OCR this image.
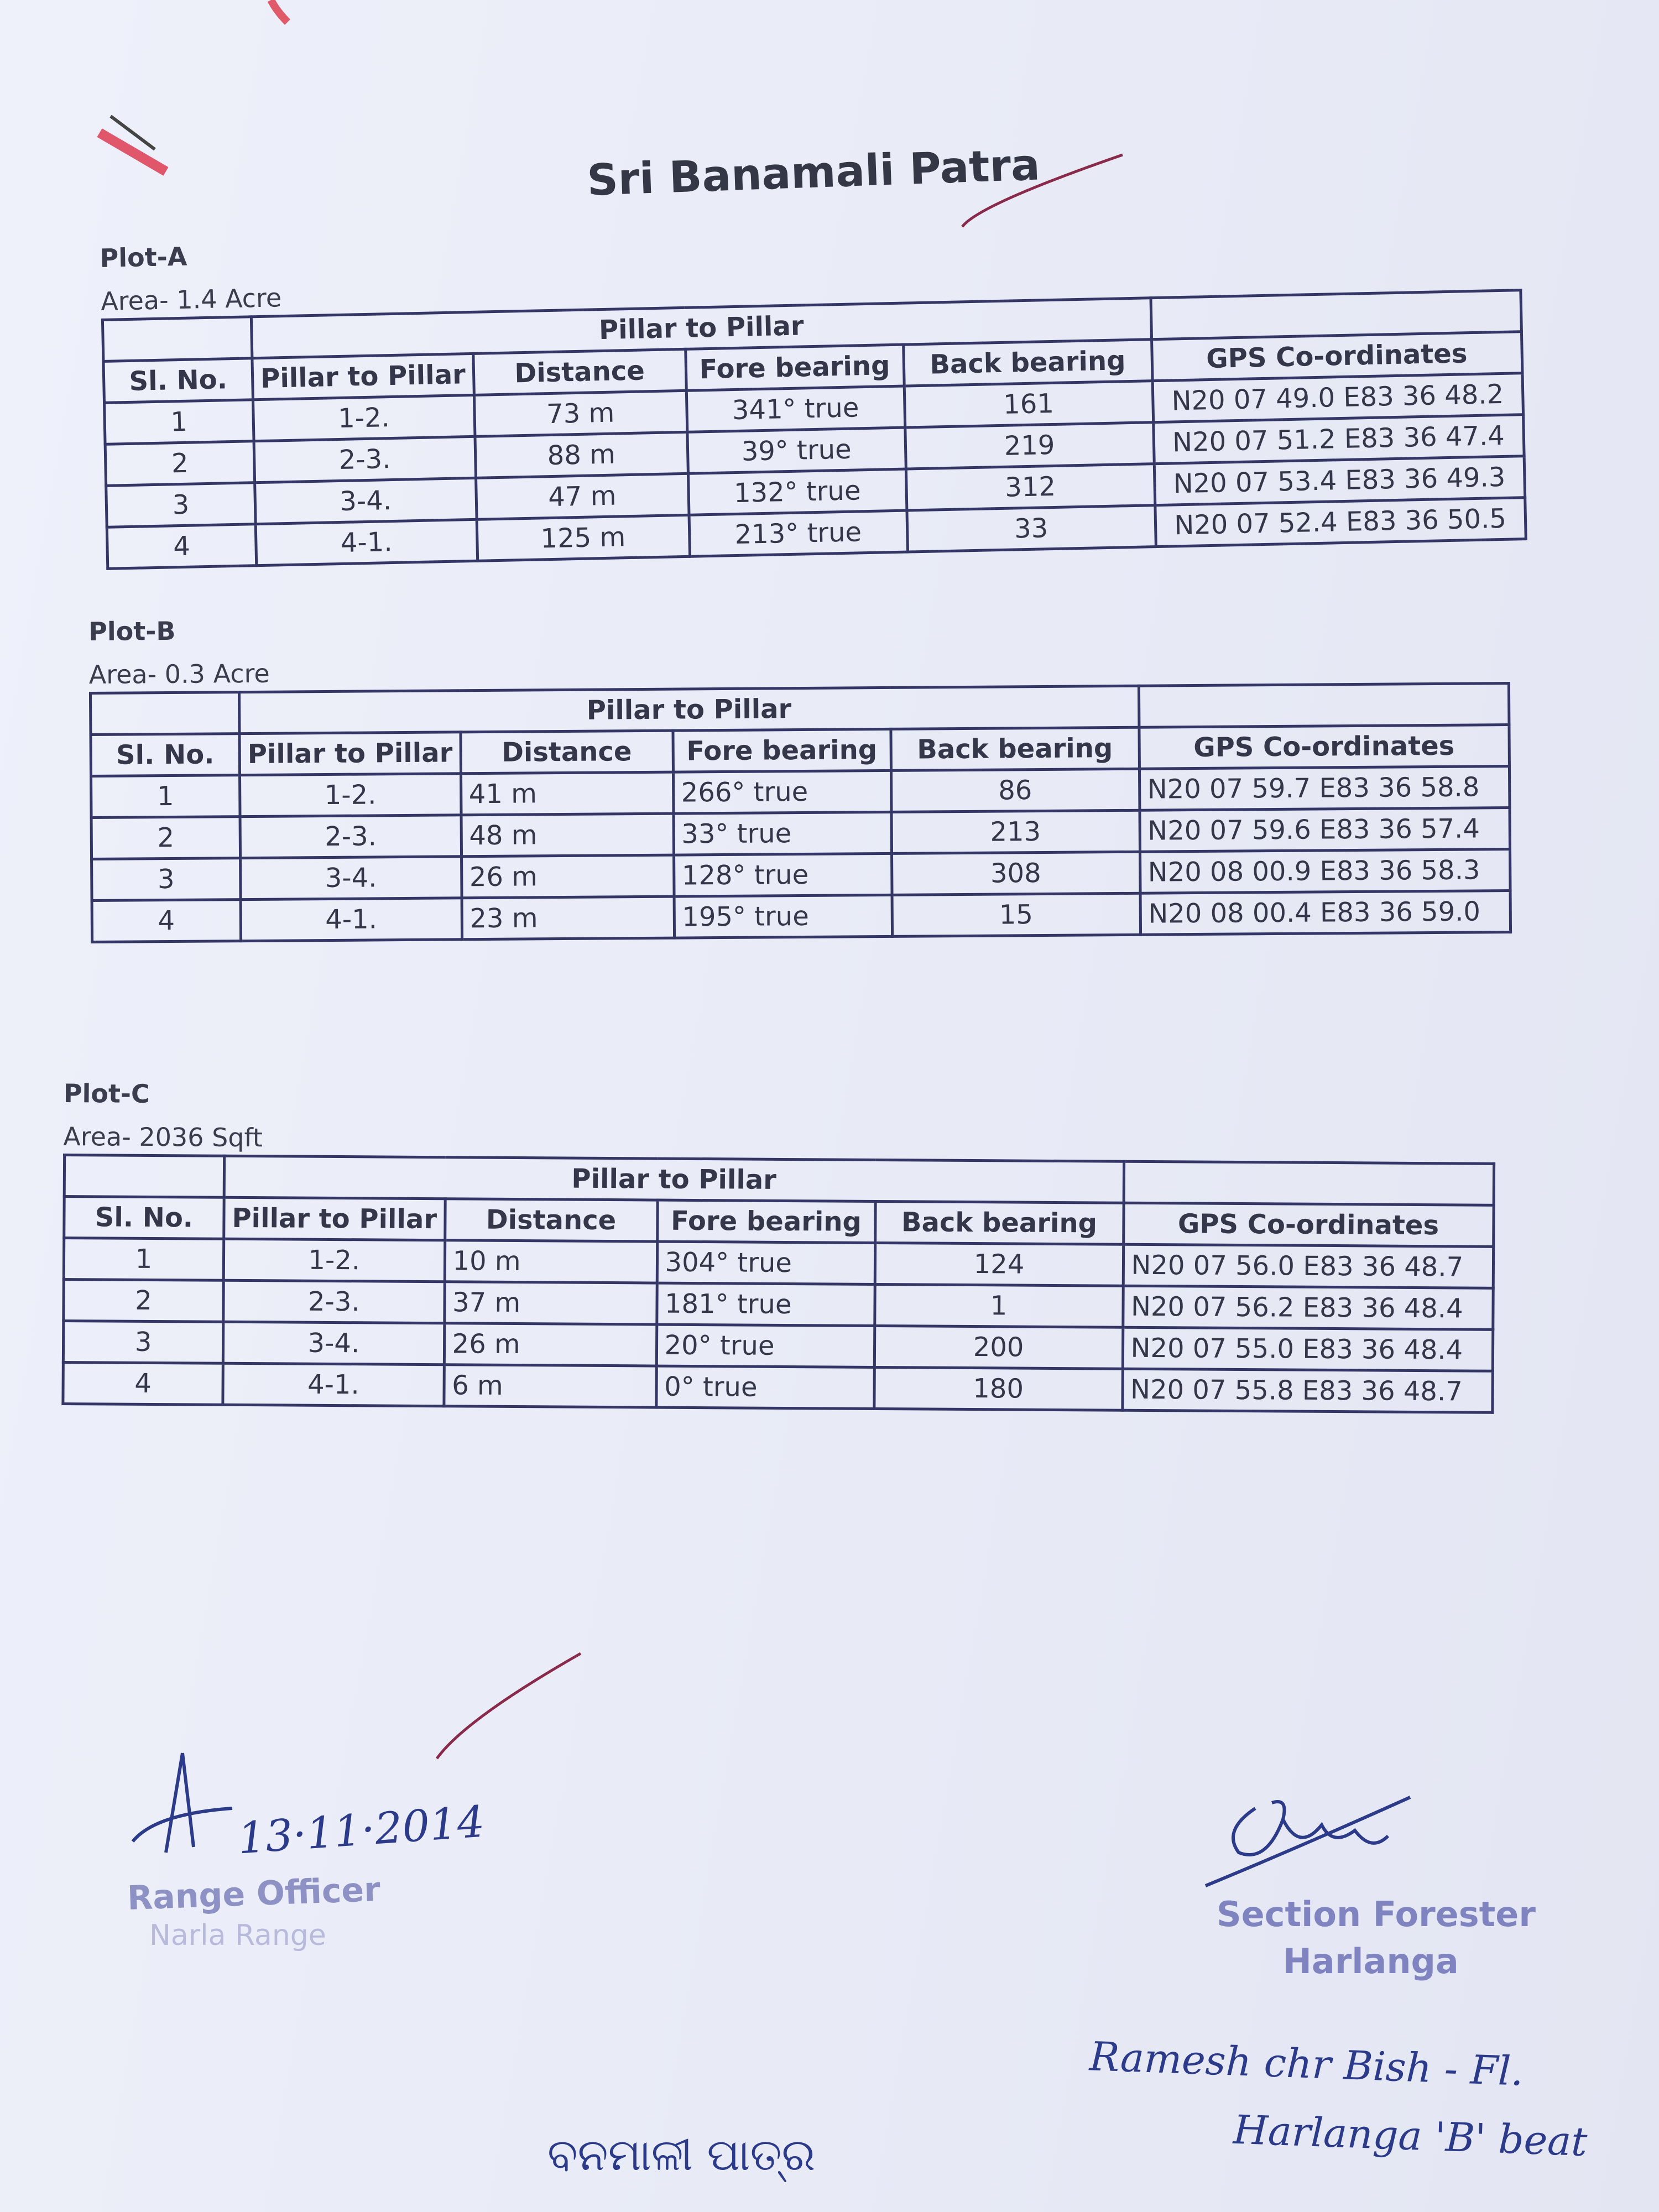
Sri Banamali Patra
Plot-A
Area- 1.4 Acre
	Pillar to Pillar				
Sl. No.	Pillar to Pillar	Distance	Fore bearing	Back bearing	GPS Co-ordinates
1	1-2.	73 m	341° true	161	N20 07 49.0 E83 36 48.2
2	2-3.	88 m	39° true	219	N20 07 51.2 E83 36 47.4
3	3-4.	47 m	132° true	312	N20 07 53.4 E83 36 49.3
4	4-1.	125 m	213° true	33	N20 07 52.4 E83 36 50.5
Plot-B
Area- 0.3 Acre
	Pillar to Pillar				
Sl. No.	Pillar to Pillar	Distance	Fore bearing	Back bearing	GPS Co-ordinates
1	1-2.	41 m	266° true	86	N20 07 59.7 E83 36 58.8
2	2-3.	48 m	33° true	213	N20 07 59.6 E83 36 57.4
3	3-4.	26 m	128° true	308	N20 08 00.9 E83 36 58.3
4	4-1.	23 m	195° true	15	N20 08 00.4 E83 36 59.0
Plot-C
Area- 2036 Sqft
	Pillar to Pillar				
Sl. No.	Pillar to Pillar	Distance	Fore bearing	Back bearing	GPS Co-ordinates
1	1-2.	10 m	304° true	124	N20 07 56.0 E83 36 48.7
2	2-3.	37 m	181° true	1	N20 07 56.2 E83 36 48.4
3	3-4.	26 m	20° true	200	N20 07 55.0 E83 36 48.4
4	4-1.	6 m	0° true	180	N20 07 55.8 E83 36 48.7
13·11·2014
Range Officer
Narla Range
Section Forester
Harlanga
Ramesh chr Bish - Fl.
Harlanga 'B' beat
ବନମାଳୀ ପାତ୍ର
